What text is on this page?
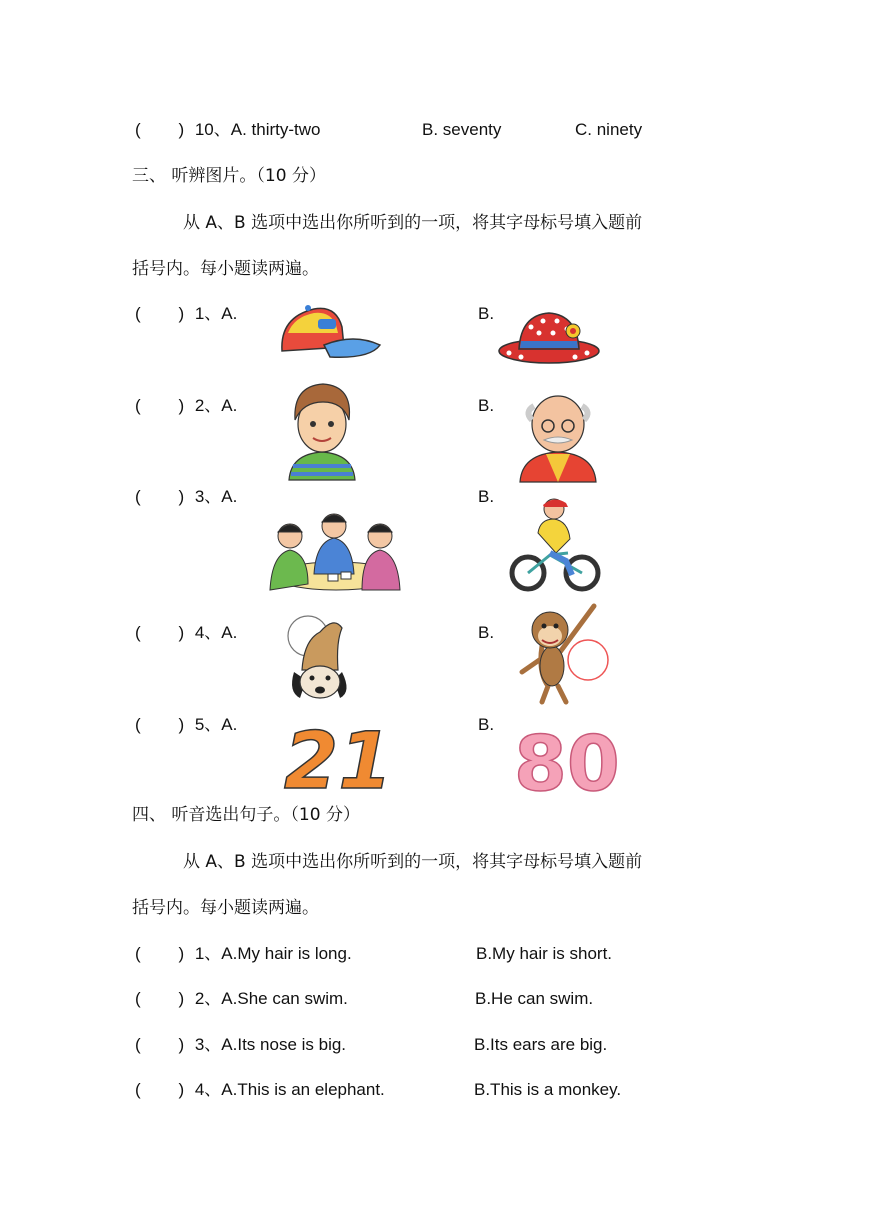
(        ) 10、A. thirty-two	B. seventy	C. ninety
三、 听辨图片。（10 分）
从 A、B 选项中选出你所听到的一项，将其字母标号填入题前
括号内。每小题读两遍。
(        ) 1、A.	B.
(        ) 2、A.	B.
(        ) 3、A.	B.
(        ) 4、A.	B.
(        ) 5、A.	B.
21 80
四、 听音选出句子。（10 分）
从 A、B 选项中选出你所听到的一项，将其字母标号填入题前
括号内。每小题读两遍。
(        ) 1、A.My hair is long.	B.My hair is short.
(        ) 2、A.She can swim.	B.He can swim.
(        ) 3、A.Its nose is big.	B.Its ears are big.
(        ) 4、A.This is an elephant.	B.This is a monkey.
